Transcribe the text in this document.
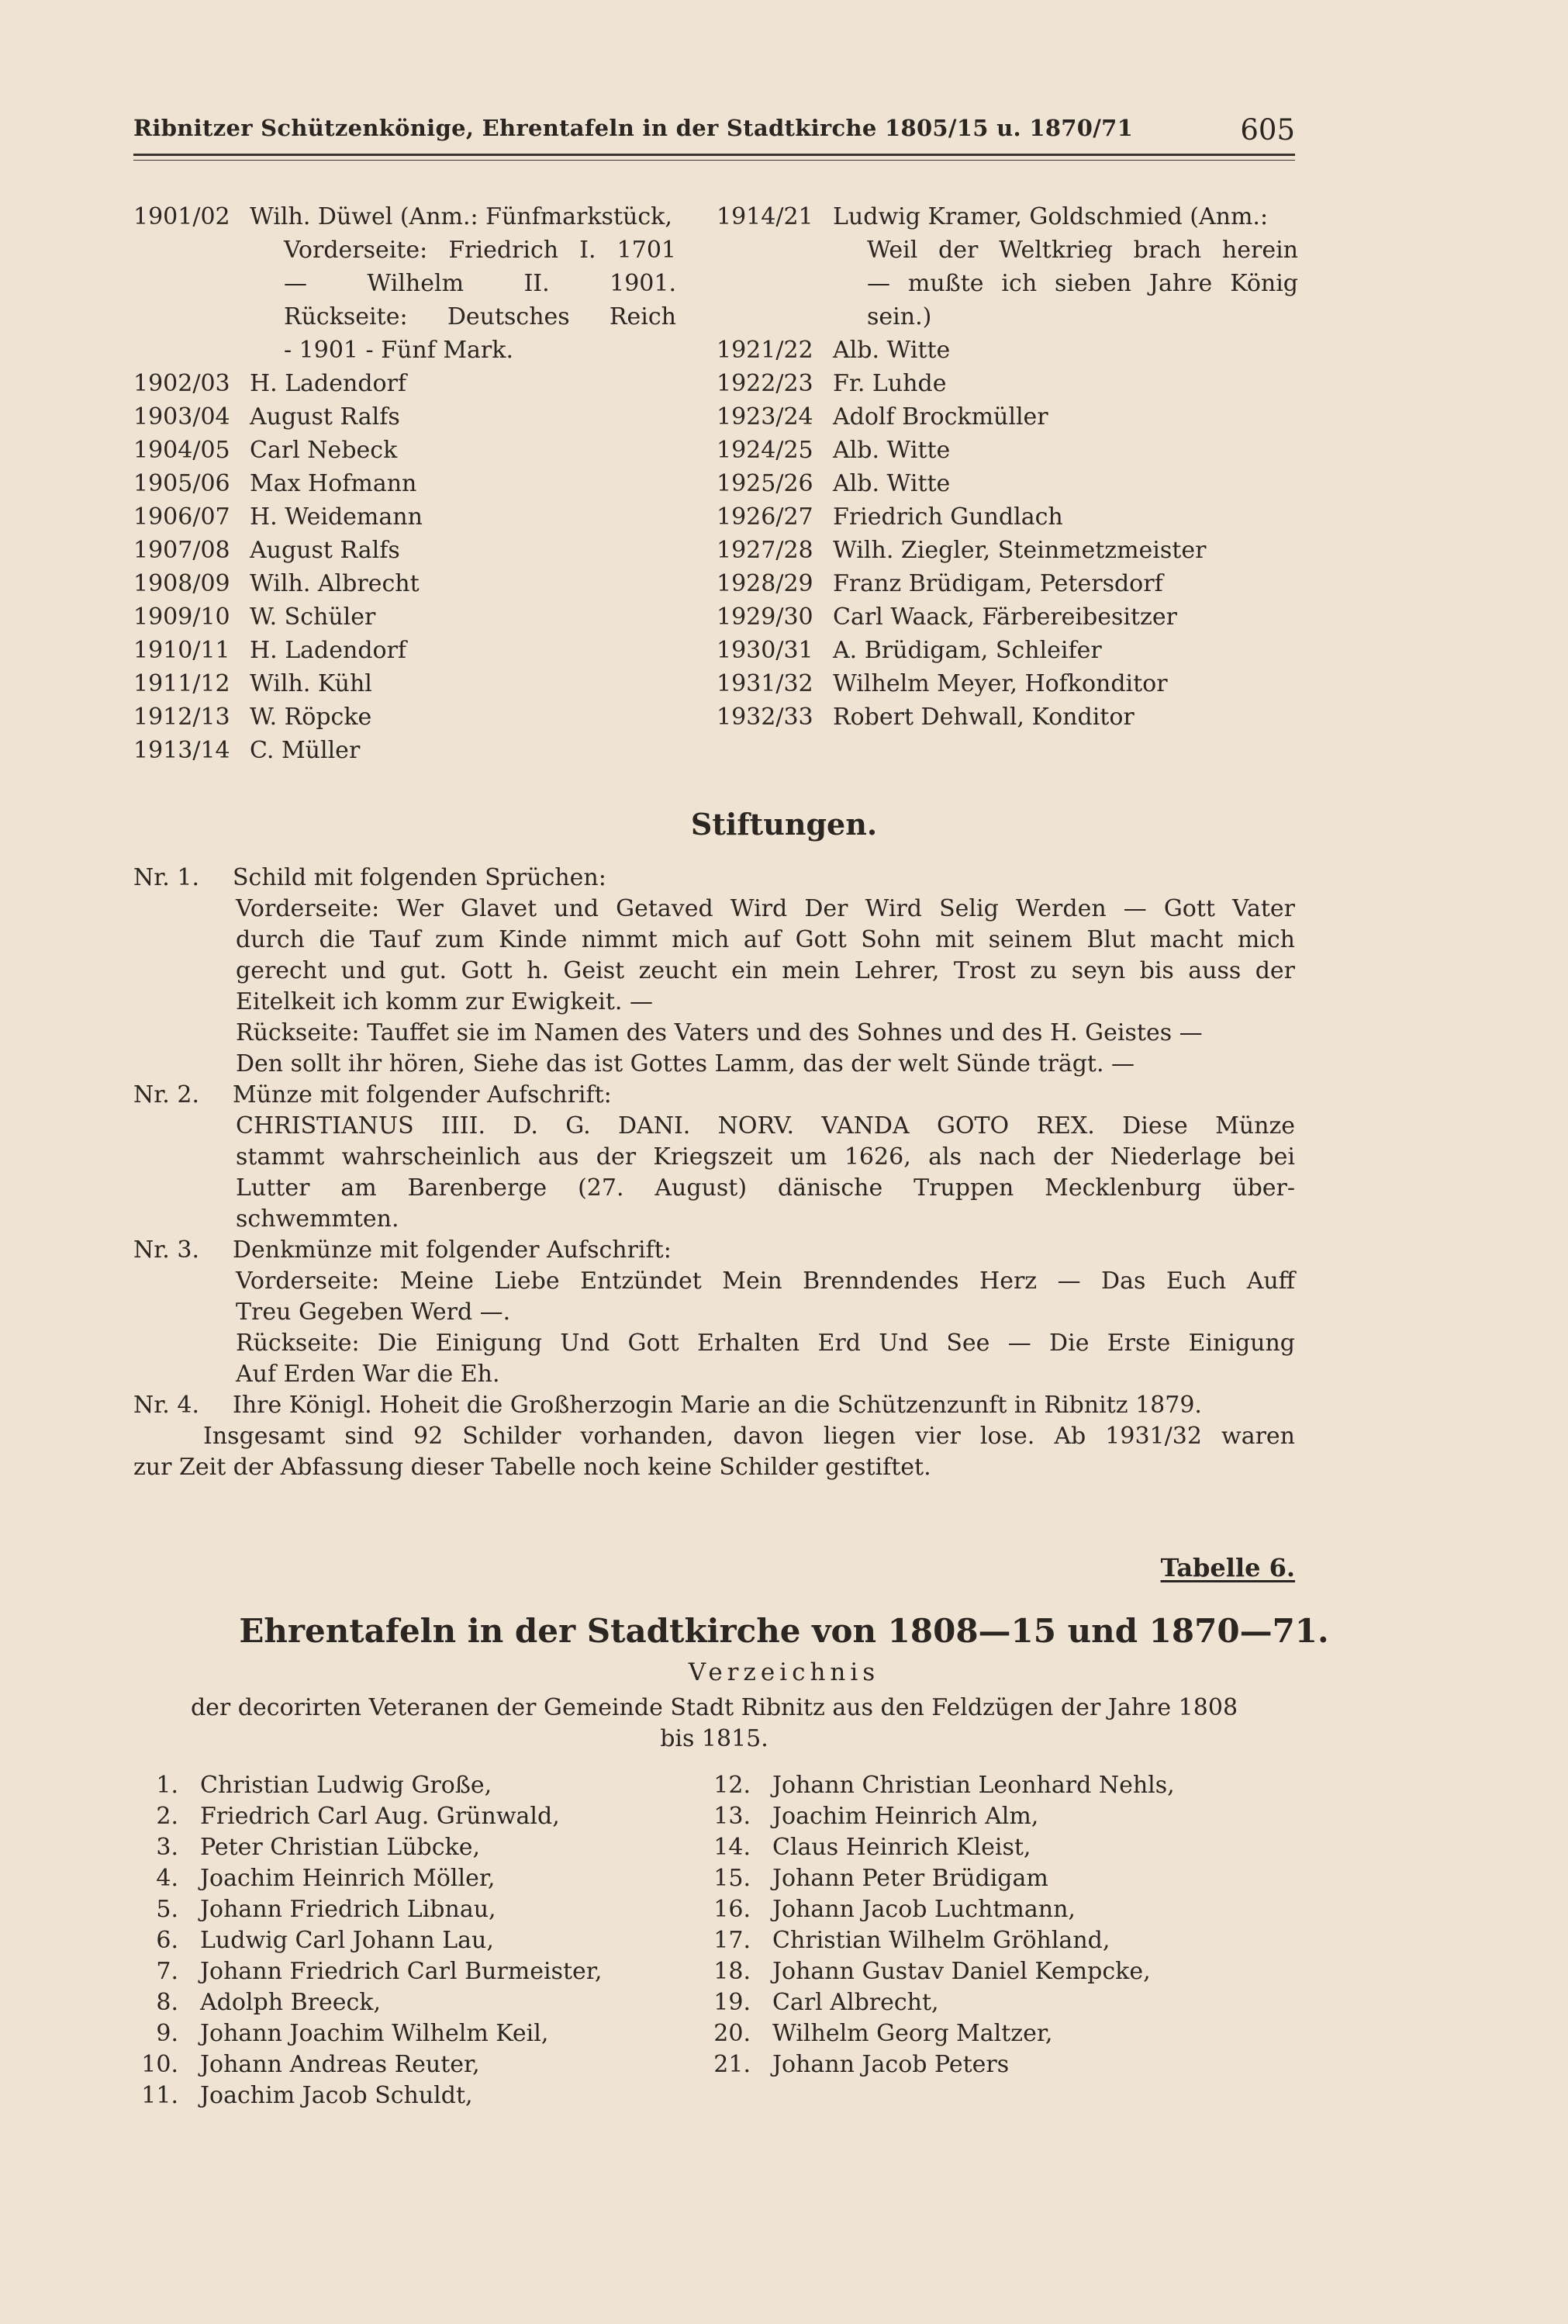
Ribnitzer Schützenkönige, Ehrentafeln in der Stadtkirche 1805/15 u. 1870/71	605
1901/02 Wilh. Düwel (Anm.: Fünfmarkstück,
Vorderseite: Friedrich I. 1701
— Wilhelm II. 1901.
Rückseite: Deutsches Reich
- 1901 - Fünf Mark.
1902/03 H. Ladendorf
1903/04 August Ralfs
1904/05 Carl Nebeck
1905/06 Max Hofmann
1906/07 H. Weidemann
1907/08 August Ralfs
1908/09 Wilh. Albrecht
1909/10 W. Schüler
1910/11 H. Ladendorf
1911/12 Wilh. Kühl
1912/13 W. Röpcke
1913/14 C. Müller
1914/21 Ludwig Kramer, Goldschmied (Anm.:
Weil der Weltkrieg brach herein
— mußte ich sieben Jahre König
sein.)
1921/22 Alb. Witte
1922/23 Fr. Luhde
1923/24 Adolf Brockmüller
1924/25 Alb. Witte
1925/26 Alb. Witte
1926/27 Friedrich Gundlach
1927/28 Wilh. Ziegler, Steinmetzmeister
1928/29 Franz Brüdigam, Petersdorf
1929/30 Carl Waack, Färbereibesitzer
1930/31 A. Brüdigam, Schleifer
1931/32 Wilhelm Meyer, Hofkonditor
1932/33 Robert Dehwall, Konditor
Stiftungen.
Nr. 1.	Schild mit folgenden Sprüchen:
Vorderseite: Wer Glavet und Getaved Wird Der Wird Selig Werden — Gott Vater
durch die Tauf zum Kinde nimmt mich auf Gott Sohn mit seinem Blut macht mich
gerecht und gut. Gott h. Geist zeucht ein mein Lehrer, Trost zu seyn bis auss der
Eitelkeit ich komm zur Ewigkeit. —
Rückseite: Tauffet sie im Namen des Vaters und des Sohnes und des H. Geistes —
Den sollt ihr hören, Siehe das ist Gottes Lamm, das der welt Sünde trägt. —
Nr. 2.	Münze mit folgender Aufschrift:
CHRISTIANUS IIII. D. G. DANI. NORV. VANDA GOTO REX. Diese Münze
stammt wahrscheinlich aus der Kriegszeit um 1626, als nach der Niederlage bei
Lutter am Barenberge (27. August) dänische Truppen Mecklenburg über-
schwemmten.
Nr. 3.	Denkmünze mit folgender Aufschrift:
Vorderseite: Meine Liebe Entzündet Mein Brenndendes Herz — Das Euch Auff
Treu Gegeben Werd —.
Rückseite: Die Einigung Und Gott Erhalten Erd Und See — Die Erste Einigung
Auf Erden War die Eh.
Nr. 4.	Ihre Königl. Hoheit die Großherzogin Marie an die Schützenzunft in Ribnitz 1879.
Insgesamt sind 92 Schilder vorhanden, davon liegen vier lose. Ab 1931/32 waren
zur Zeit der Abfassung dieser Tabelle noch keine Schilder gestiftet.
Tabelle 6.
Ehrentafeln in der Stadtkirche von 1808—15 und 1870—71.
Verzeichnis
der decorirten Veteranen der Gemeinde Stadt Ribnitz aus den Feldzügen der Jahre 1808
bis 1815.
1. Christian Ludwig Große,
2. Friedrich Carl Aug. Grünwald,
3. Peter Christian Lübcke,
4. Joachim Heinrich Möller,
5. Johann Friedrich Libnau,
6. Ludwig Carl Johann Lau,
7. Johann Friedrich Carl Burmeister,
8. Adolph Breeck,
9. Johann Joachim Wilhelm Keil,
10. Johann Andreas Reuter,
11. Joachim Jacob Schuldt,
12. Johann Christian Leonhard Nehls,
13. Joachim Heinrich Alm,
14. Claus Heinrich Kleist,
15. Johann Peter Brüdigam
16. Johann Jacob Luchtmann,
17. Christian Wilhelm Gröhland,
18. Johann Gustav Daniel Kempcke,
19. Carl Albrecht,
20. Wilhelm Georg Maltzer,
21. Johann Jacob Peters
